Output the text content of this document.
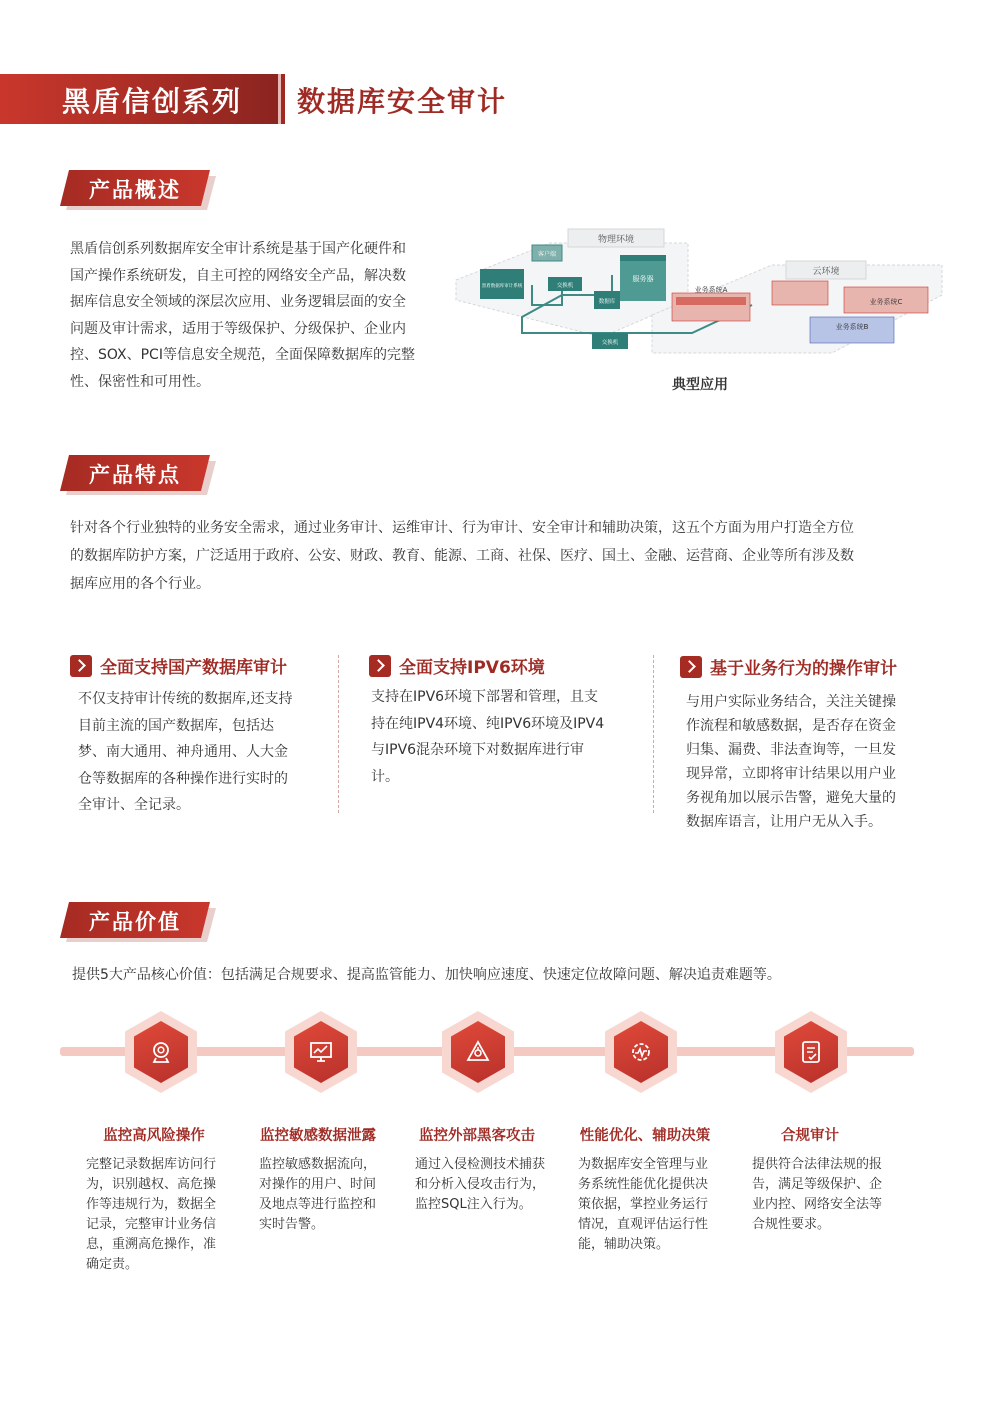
黑盾信创系列 数据库安全审计
产品概述
黑盾信创系列数据库安全审计系统是基于国产化硬件和
国产操作系统研发，自主可控的网络安全产品，解决数
据库信息安全领域的深层次应用、业务逻辑层面的安全
问题及审计需求，适用于等级保护、分级保护、企业内
控、SOX、PCI等信息安全规范，全面保障数据库的完整
性、保密性和可用性。
物理环境
云环境
客户端
黑盾数据库审计系统	交换机
数据库
服务器
交换机
业务系统A
业务系统C
业务系统B
典型应用
产品特点
针对各个行业独特的业务安全需求，通过业务审计、运维审计、行为审计、安全审计和辅助决策，这五个方面为用户打造全方位
的数据库防护方案，广泛适用于政府、公安、财政、教育、能源、工商、社保、医疗、国土、金融、运营商、企业等所有涉及数
据库应用的各个行业。
全面支持国产数据库审计
不仅支持审计传统的数据库,还支持
目前主流的国产数据库，包括达
梦、南大通用、神舟通用、人大金
仓等数据库的各种操作进行实时的
全审计、全记录。
全面支持IPV6环境
支持在IPV6环境下部署和管理，且支
持在纯IPV4环境、纯IPV6环境及IPV4
与IPV6混杂环境下对数据库进行审
计。
基于业务行为的操作审计
与用户实际业务结合，关注关键操
作流程和敏感数据，是否存在资金
归集、漏费、非法查询等，一旦发
现异常，立即将审计结果以用户业
务视角加以展示告警，避免大量的
数据库语言，让用户无从入手。
产品价值
提供5大产品核心价值：包括满足合规要求、提高监管能力、加快响应速度、快速定位故障问题、解决追责难题等。
监控高风险操作	监控敏感数据泄露	监控外部黑客攻击	性能优化、辅助决策	合规审计
完整记录数据库访问行
为，识别越权、高危操
作等违规行为，数据全
记录，完整审计业务信
息，重溯高危操作，准
确定责。
监控敏感数据流向，
对操作的用户、时间
及地点等进行监控和
实时告警。
通过入侵检测技术捕获
和分析入侵攻击行为，
监控SQL注入行为。
为数据库安全管理与业
务系统性能优化提供决
策依据，掌控业务运行
情况，直观评估运行性
能，辅助决策。
提供符合法律法规的报
告，满足等级保护、企
业内控、网络安全法等
合规性要求。
